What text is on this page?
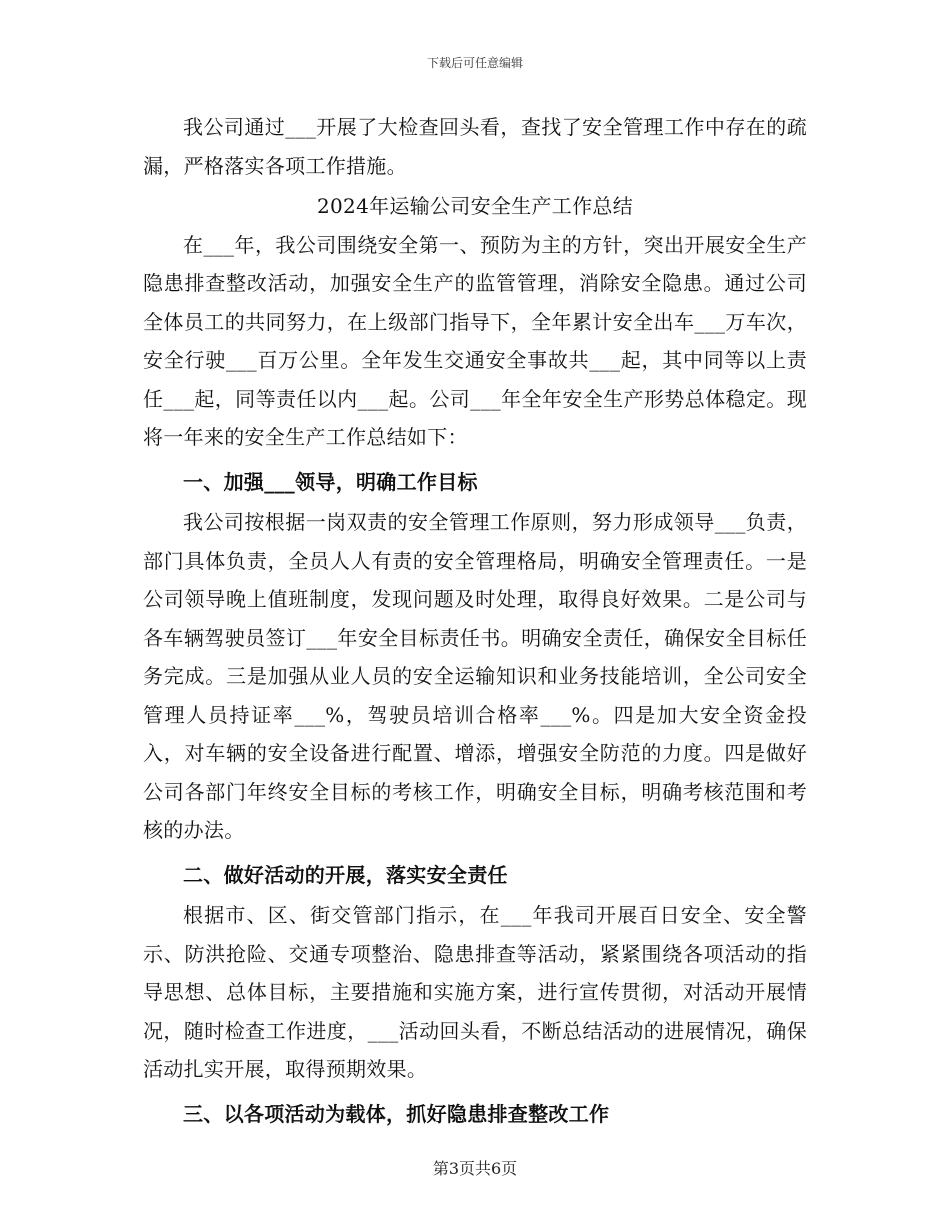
下载后可任意编辑

我公司通过___开展了大检查回头看，查找了安全管理工作中存在的疏漏，严格落实各项工作措施。

2024年运输公司安全生产工作总结

在___年，我公司围绕安全第一、预防为主的方针，突出开展安全生产隐患排查整改活动，加强安全生产的监管管理，消除安全隐患。通过公司全体员工的共同努力，在上级部门指导下，全年累计安全出车___万车次，安全行驶___百万公里。全年发生交通安全事故共___起，其中同等以上责任___起，同等责任以内___起。公司___年全年安全生产形势总体稳定。现将一年来的安全生产工作总结如下：

一、加强___领导，明确工作目标

我公司按根据一岗双责的安全管理工作原则，努力形成领导___负责，部门具体负责，全员人人有责的安全管理格局，明确安全管理责任。一是公司领导晚上值班制度，发现问题及时处理，取得良好效果。二是公司与各车辆驾驶员签订___年安全目标责任书。明确安全责任，确保安全目标任务完成。三是加强从业人员的安全运输知识和业务技能培训，全公司安全管理人员持证率___%，驾驶员培训合格率___%。四是加大安全资金投入，对车辆的安全设备进行配置、增添，增强安全防范的力度。四是做好公司各部门年终安全目标的考核工作，明确安全目标，明确考核范围和考核的办法。

二、做好活动的开展，落实安全责任

根据市、区、街交管部门指示，在___年我司开展百日安全、安全警示、防洪抢险、交通专项整治、隐患排查等活动，紧紧围绕各项活动的指导思想、总体目标，主要措施和实施方案，进行宣传贯彻，对活动开展情况，随时检查工作进度，___活动回头看，不断总结活动的进展情况，确保活动扎实开展，取得预期效果。

三、以各项活动为载体，抓好隐患排查整改工作

第3页共6页
